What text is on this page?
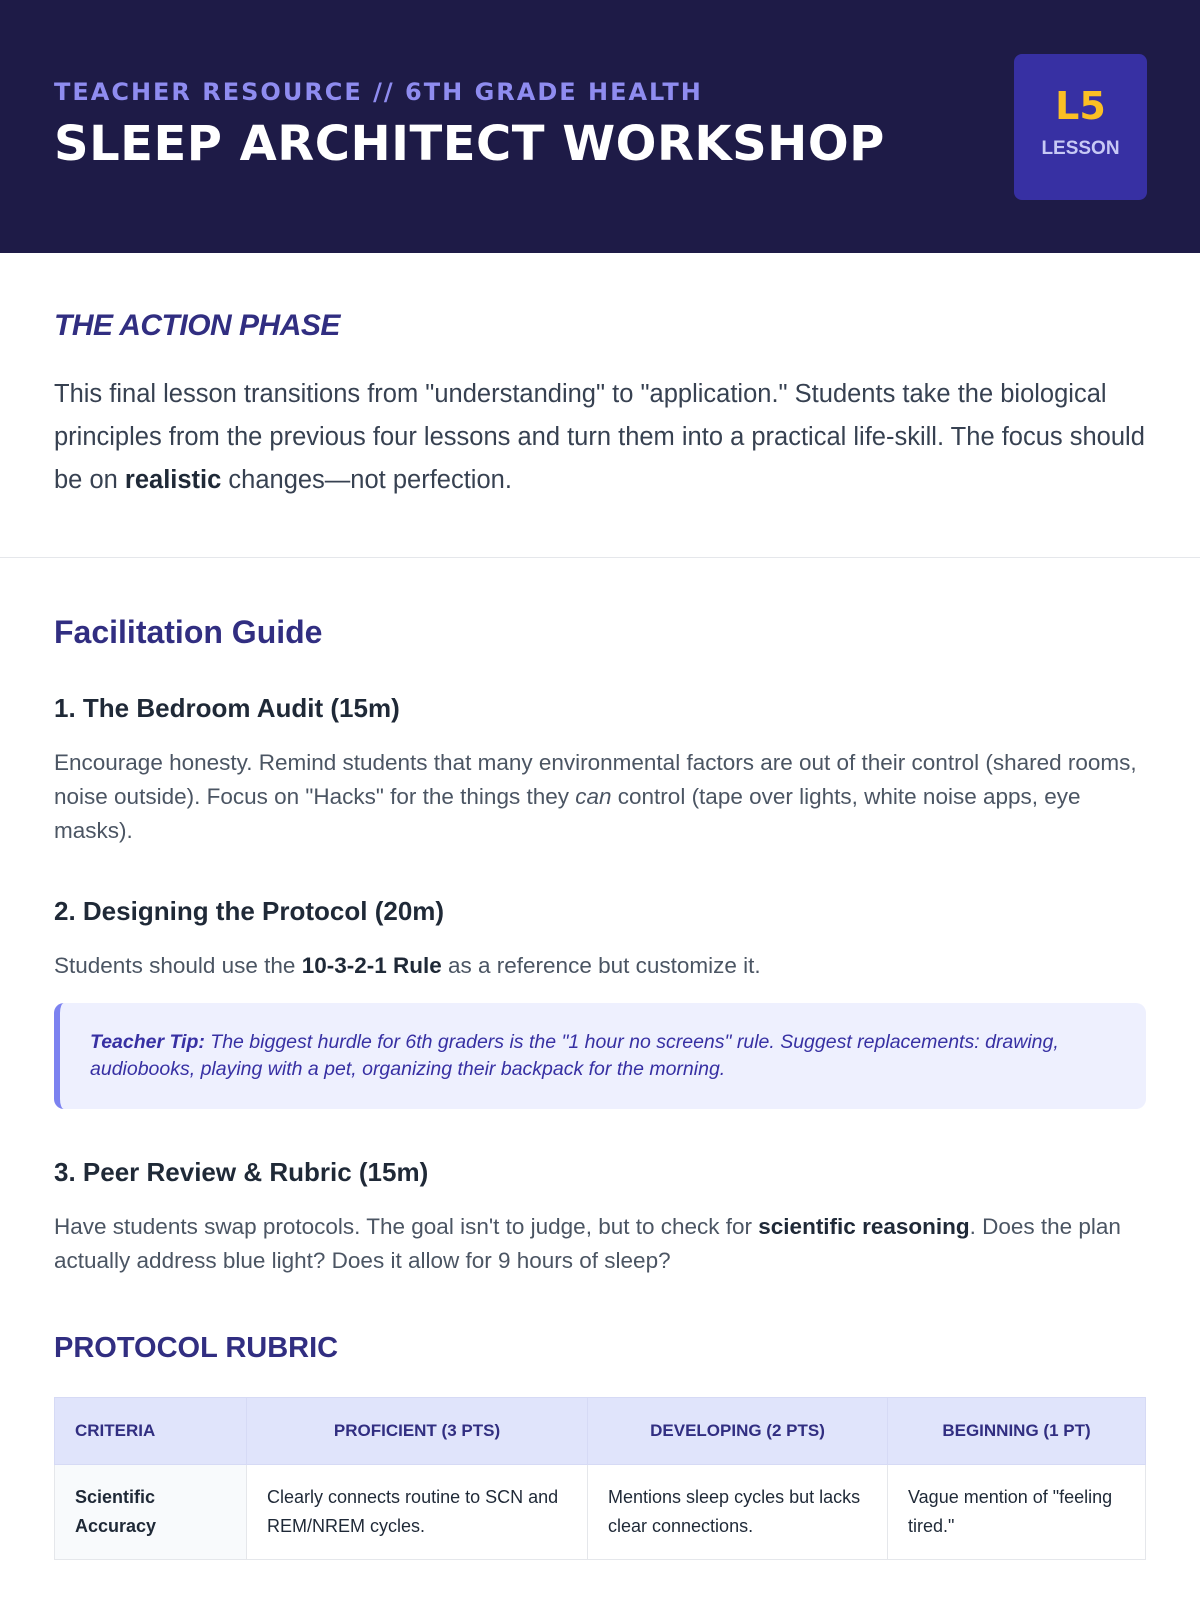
TEACHER RESOURCE // 6TH GRADE HEALTH
SLEEP ARCHITECT WORKSHOP
L5
LESSON
THE ACTION PHASE

This final lesson transitions from "understanding" to "application." Students take the biological principles from the previous four lessons and turn them into a practical life-skill. The focus should be on realistic changes—not perfection.

Facilitation Guide
1. The Bedroom Audit (15m)

Encourage honesty. Remind students that many environmental factors are out of their control (shared rooms, noise outside). Focus on "Hacks" for the things they can control (tape over lights, white noise apps, eye masks).

2. Designing the Protocol (20m)

Students should use the 10-3-2-1 Rule as a reference but customize it.

Teacher Tip: The biggest hurdle for 6th graders is the "1 hour no screens" rule. Suggest replacements: drawing, audiobooks, playing with a pet, organizing their backpack for the morning.
3. Peer Review & Rubric (15m)

Have students swap protocols. The goal isn't to judge, but to check for scientific reasoning. Does the plan actually address blue light? Does it allow for 9 hours of sleep?

PROTOCOL RUBRIC
CRITERIA	PROFICIENT (3 PTS)	DEVELOPING (2 PTS)	BEGINNING (1 PT)
Scientific Accuracy	Clearly connects routine to SCN and REM/NREM cycles.	Mentions sleep cycles but lacks clear connections.	Vague mention of "feeling tired."
